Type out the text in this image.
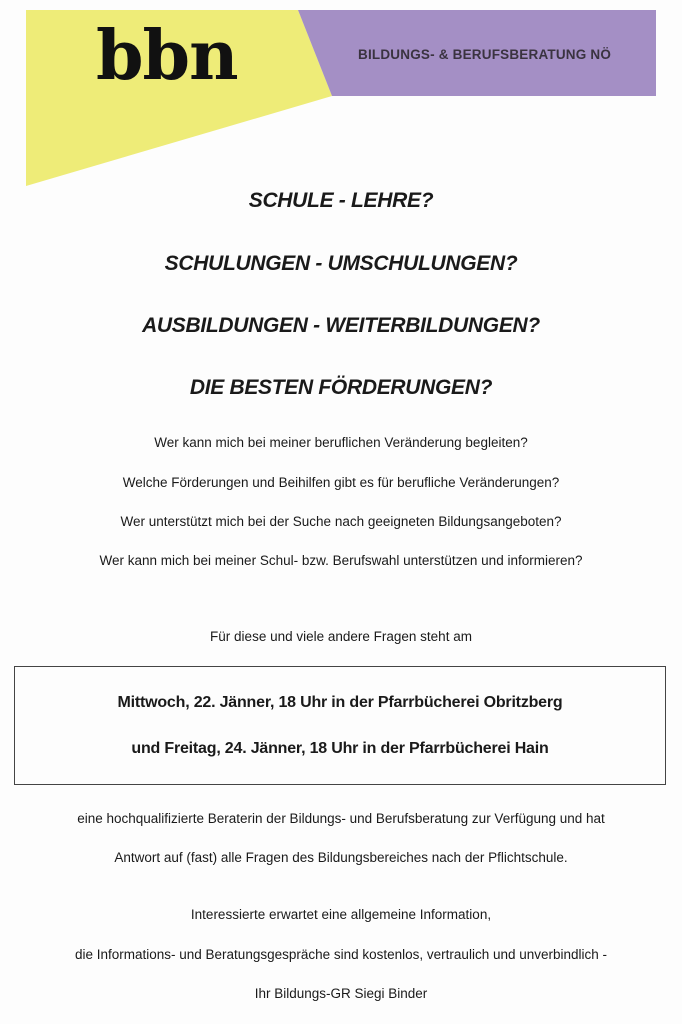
bbn	BILDUNGS- & BERUFSBERATUNG NÖ
SCHULE - LEHRE?
SCHULUNGEN - UMSCHULUNGEN?
AUSBILDUNGEN - WEITERBILDUNGEN?
DIE BESTEN FÖRDERUNGEN?
Wer kann mich bei meiner beruflichen Veränderung begleiten?
Welche Förderungen und Beihilfen gibt es für berufliche Veränderungen?
Wer unterstützt mich bei der Suche nach geeigneten Bildungsangeboten?
Wer kann mich bei meiner Schul- bzw. Berufswahl unterstützen und informieren?
Für diese und viele andere Fragen steht am
Mittwoch, 22. Jänner, 18 Uhr in der Pfarrbücherei Obritzberg
und Freitag, 24. Jänner, 18 Uhr in der Pfarrbücherei Hain
eine hochqualifizierte Beraterin der Bildungs- und Berufsberatung zur Verfügung und hat
Antwort auf (fast) alle Fragen des Bildungsbereiches nach der Pflichtschule.
Interessierte erwartet eine allgemeine Information,
die Informations- und Beratungsgespräche sind kostenlos, vertraulich und unverbindlich -
Ihr Bildungs-GR Siegi Binder
